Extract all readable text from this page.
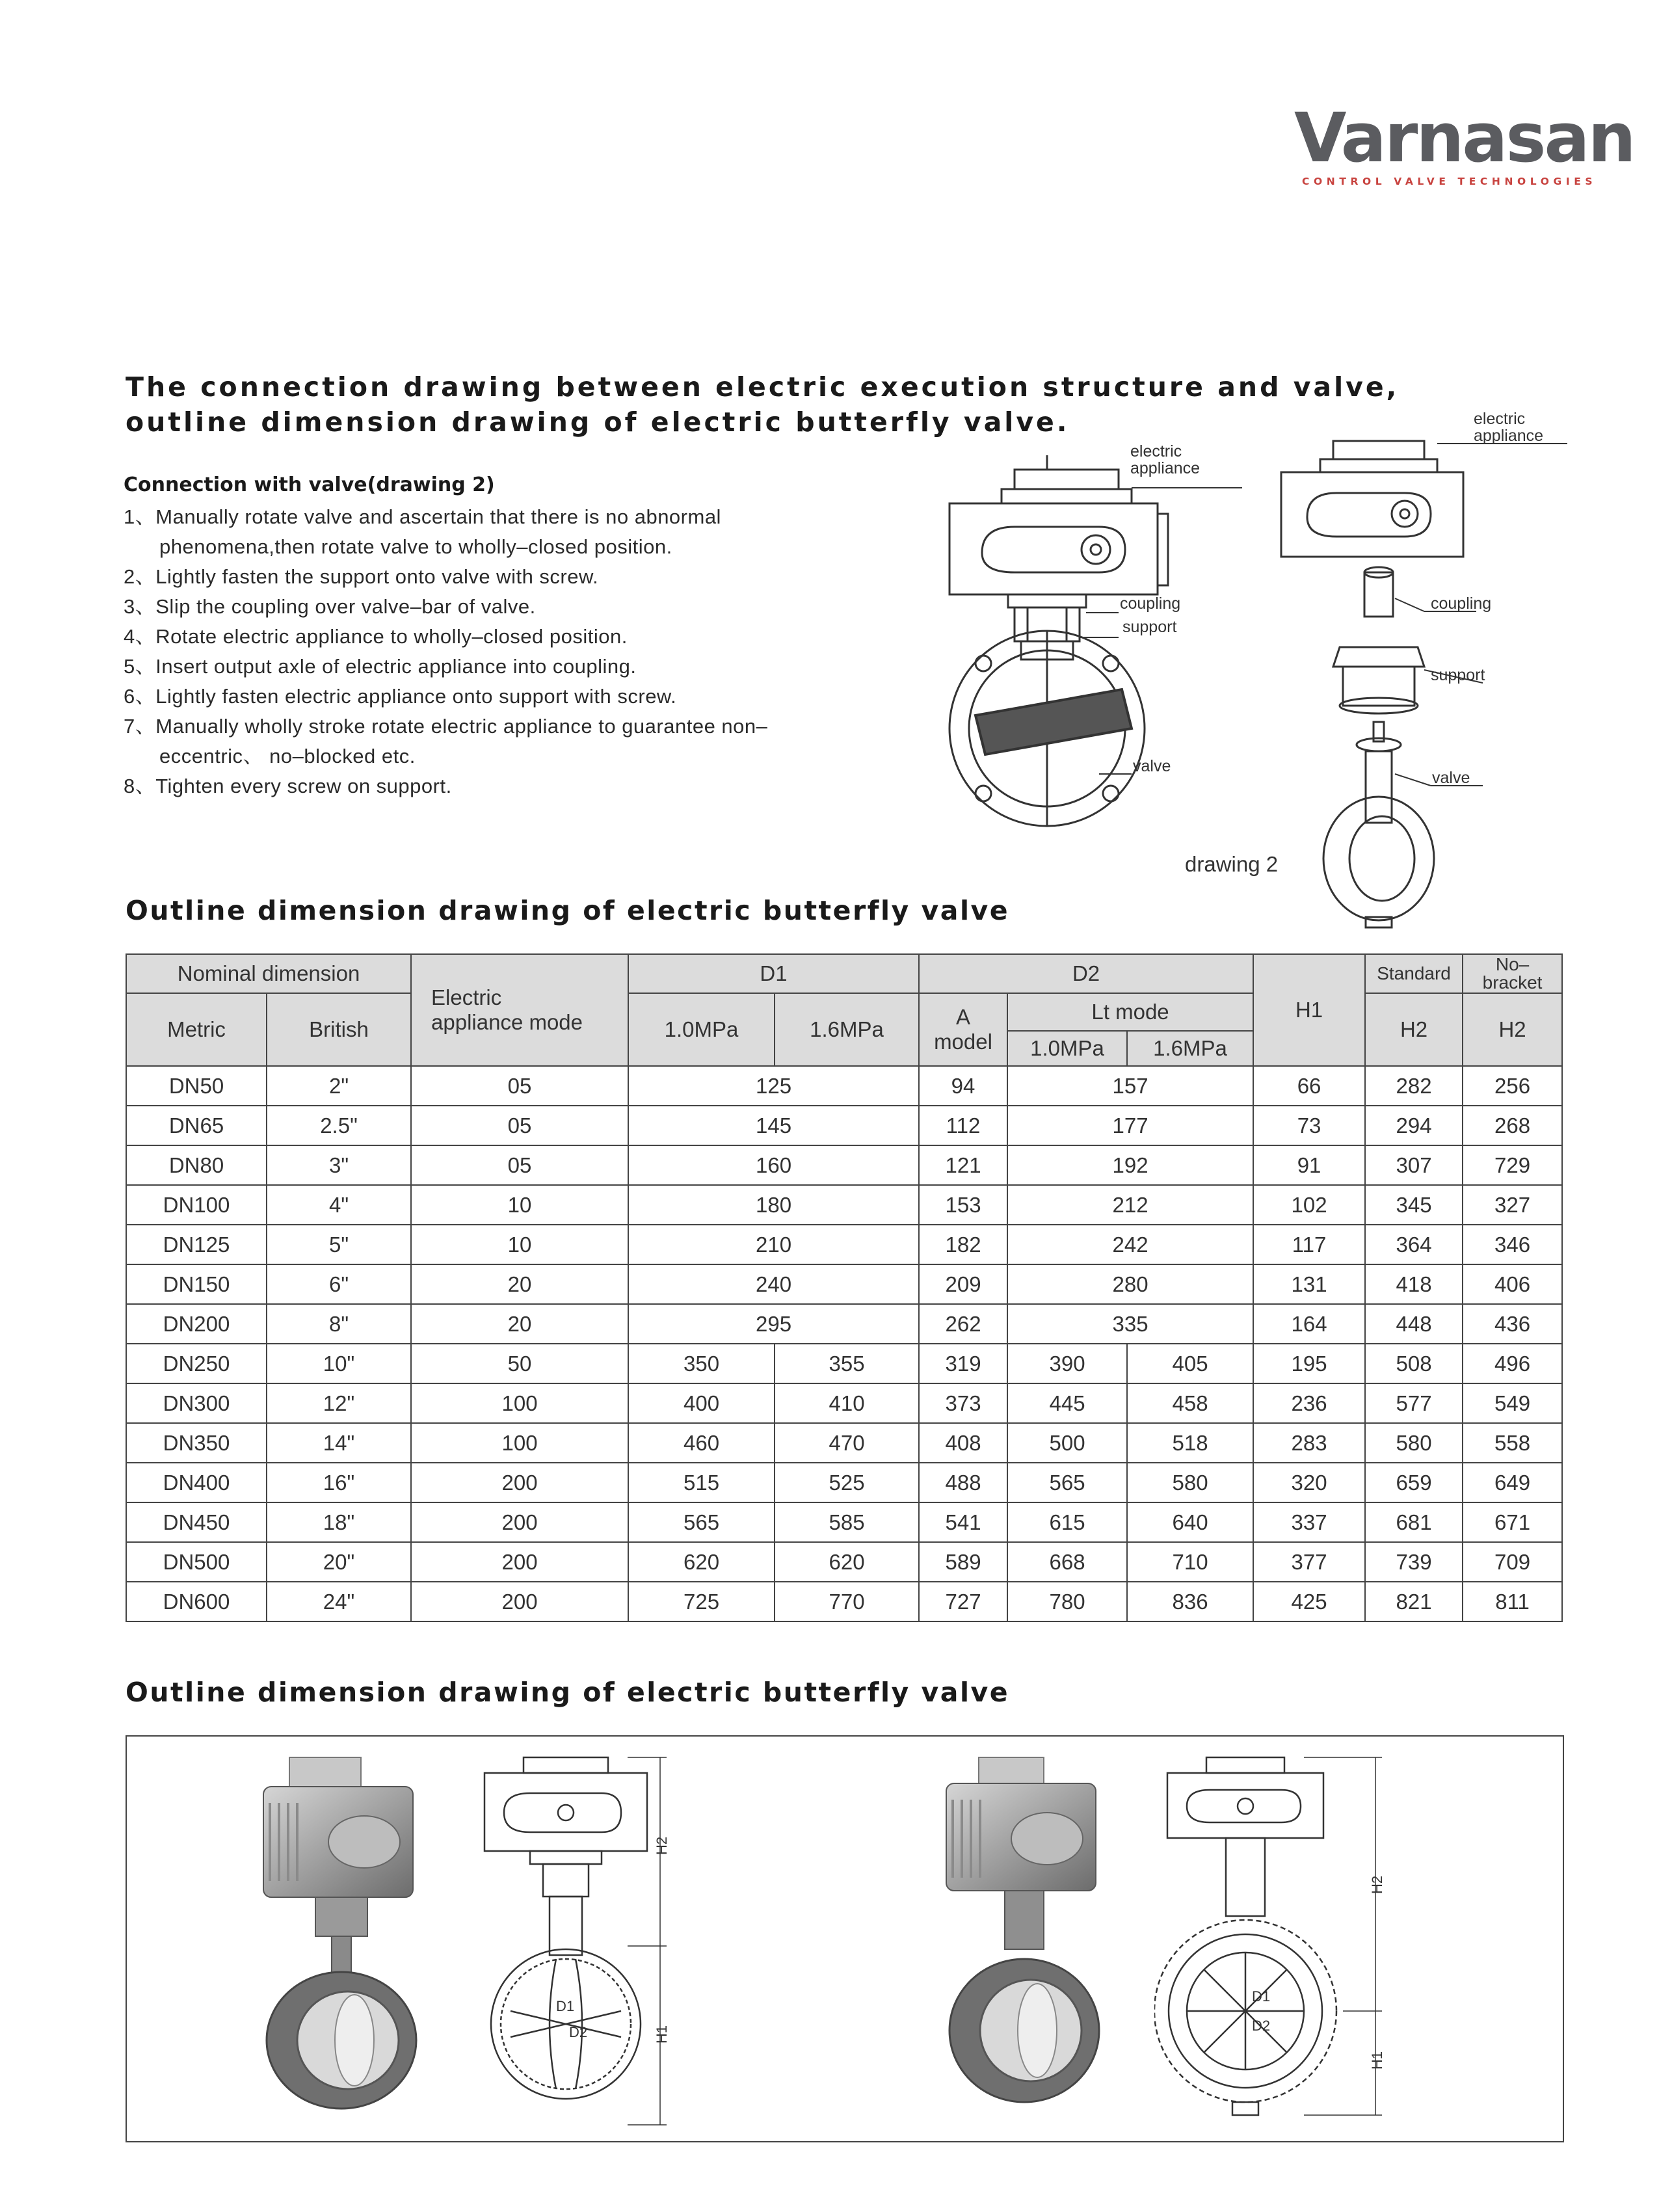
Varnasan
CONTROL VALVE TECHNOLOGIES

The connection drawing between electric execution structure and valve,

outline dimension drawing of electric butterfly valve.

Connection with valve(drawing 2)

1、Manually rotate valve and ascertain that there is no abnormal
phenomena,then rotate valve to wholly–closed position.
2、Lightly fasten the support onto valve with screw.
3、Slip the coupling over valve–bar of valve.
4、Rotate electric appliance to wholly–closed position.
5、Insert output axle of electric appliance into coupling.
6、Lightly fasten electric appliance onto support with screw.
7、Manually wholly stroke rotate electric appliance to guarantee non–
eccentric、 no–blocked etc.
8、Tighten every screw on support.
electric
appliance
coupling
support
valve
electric
appliance
coupling
support
valve

drawing 2

Outline dimension drawing of electric butterfly valve

Nominal dimension		Electric
appliance mode	D1		D2			H1	Standard	No–
bracket
Metric	British		1.0MPa	1.6MPa	A
model	Lt mode			H2	H2
						1.0MPa	1.6MPa			
DN50	2"	05	125		94	157		66	282	256
DN65	2.5"	05	145		112	177		73	294	268
DN80	3"	05	160		121	192		91	307	729
DN100	4"	10	180		153	212		102	345	327
DN125	5"	10	210		182	242		117	364	346
DN150	6"	20	240		209	280		131	418	406
DN200	8"	20	295		262	335		164	448	436
DN250	10"	50	350	355	319	390	405	195	508	496
DN300	12"	100	400	410	373	445	458	236	577	549
DN350	14"	100	460	470	408	500	518	283	580	558
DN400	16"	200	515	525	488	565	580	320	659	649
DN450	18"	200	565	585	541	615	640	337	681	671
DN500	20"	200	620	620	589	668	710	377	739	709
DN600	24"	200	725	770	727	780	836	425	821	811

Outline dimension drawing of electric butterfly valve

H2
H1
D1
D2
H2
H1
D1
D2
